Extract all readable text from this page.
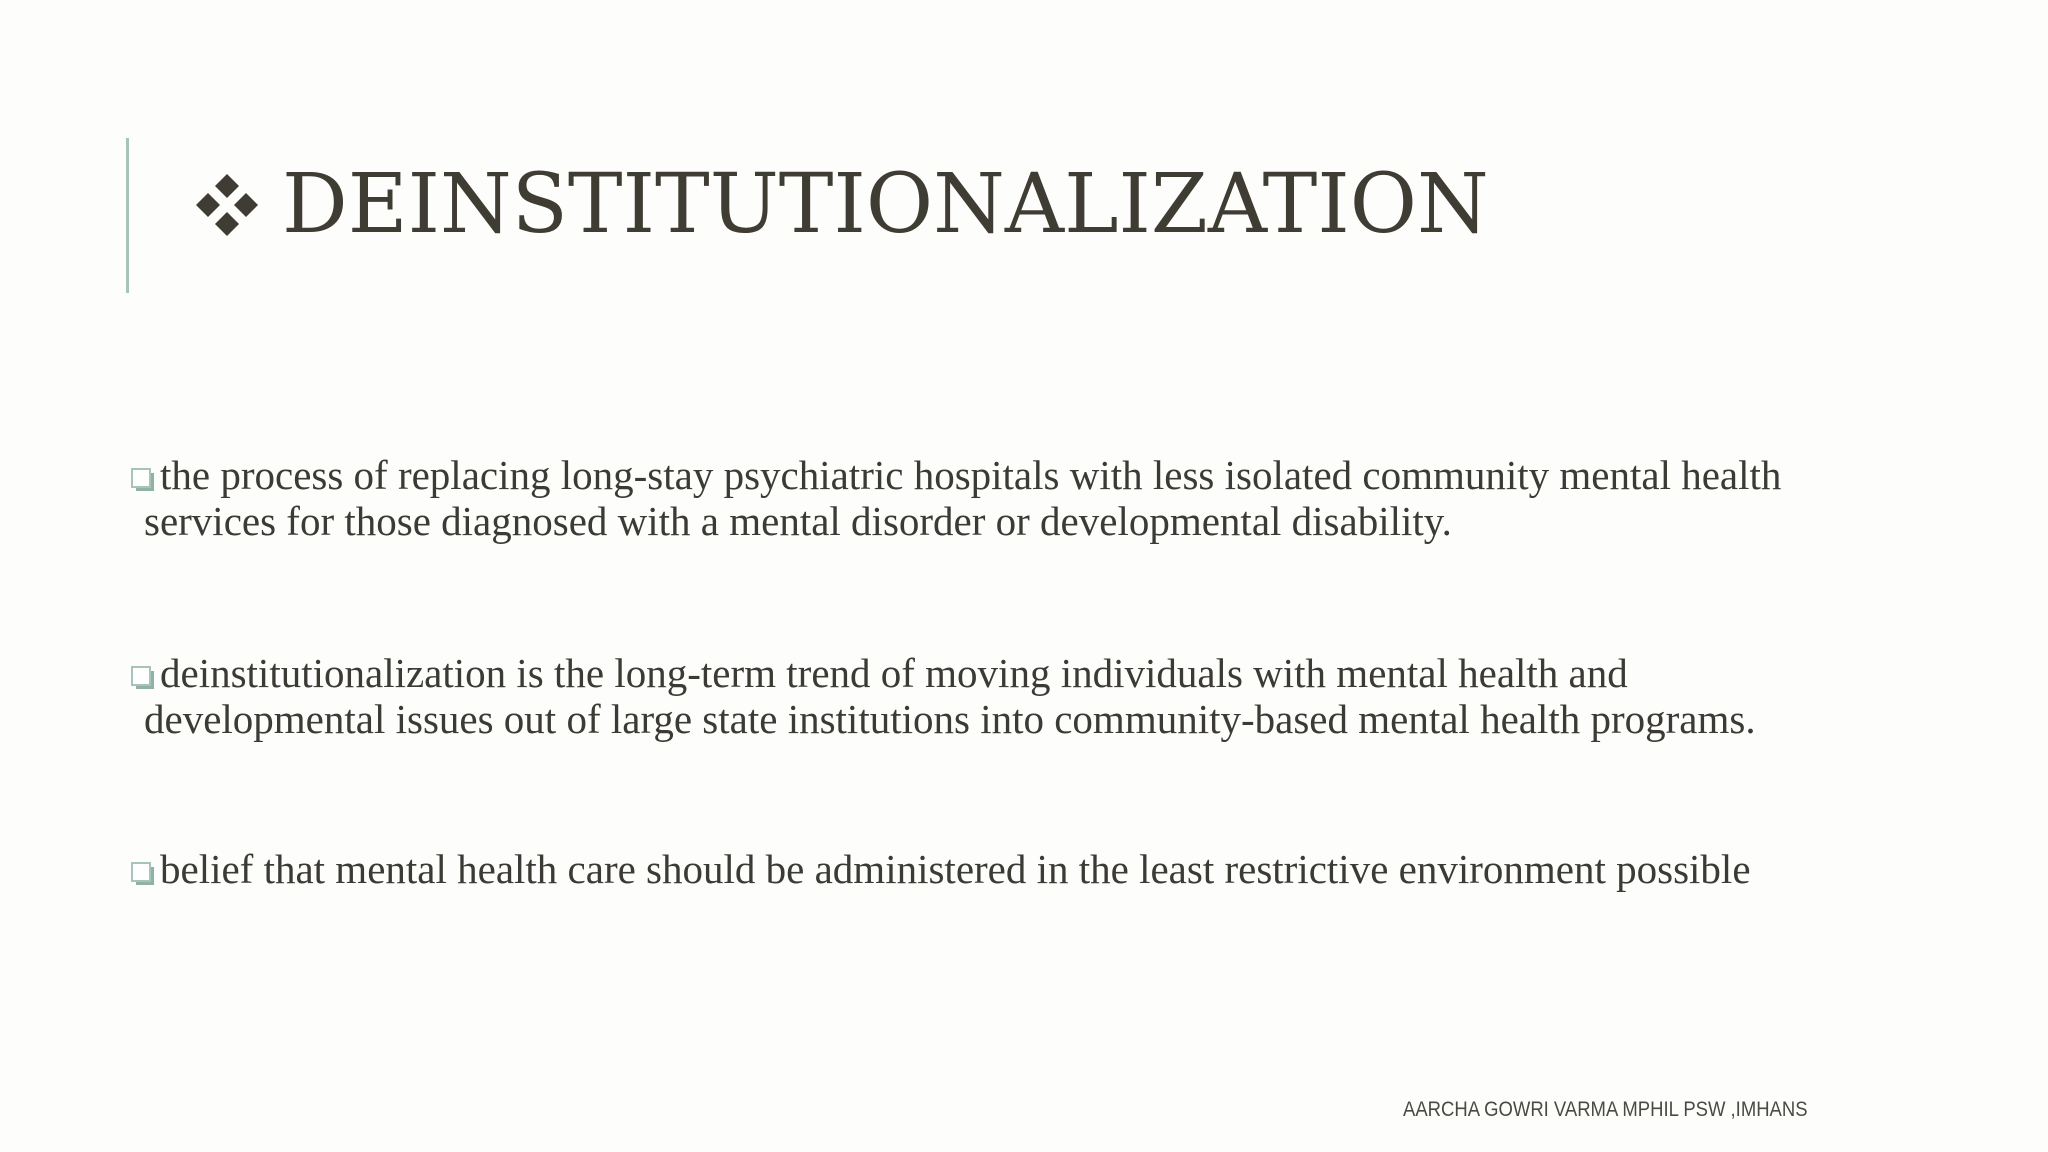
DEINSTITUTIONALIZATION
the process of replacing long-stay psychiatric hospitals with less isolated community mental health
services for those diagnosed with a mental disorder or developmental disability.
deinstitutionalization is the long-term trend of moving individuals with mental health and
developmental issues out of large state institutions into community-based mental health programs.
belief that mental health care should be administered in the least restrictive environment possible
AARCHA GOWRI VARMA MPHIL PSW ,IMHANS
